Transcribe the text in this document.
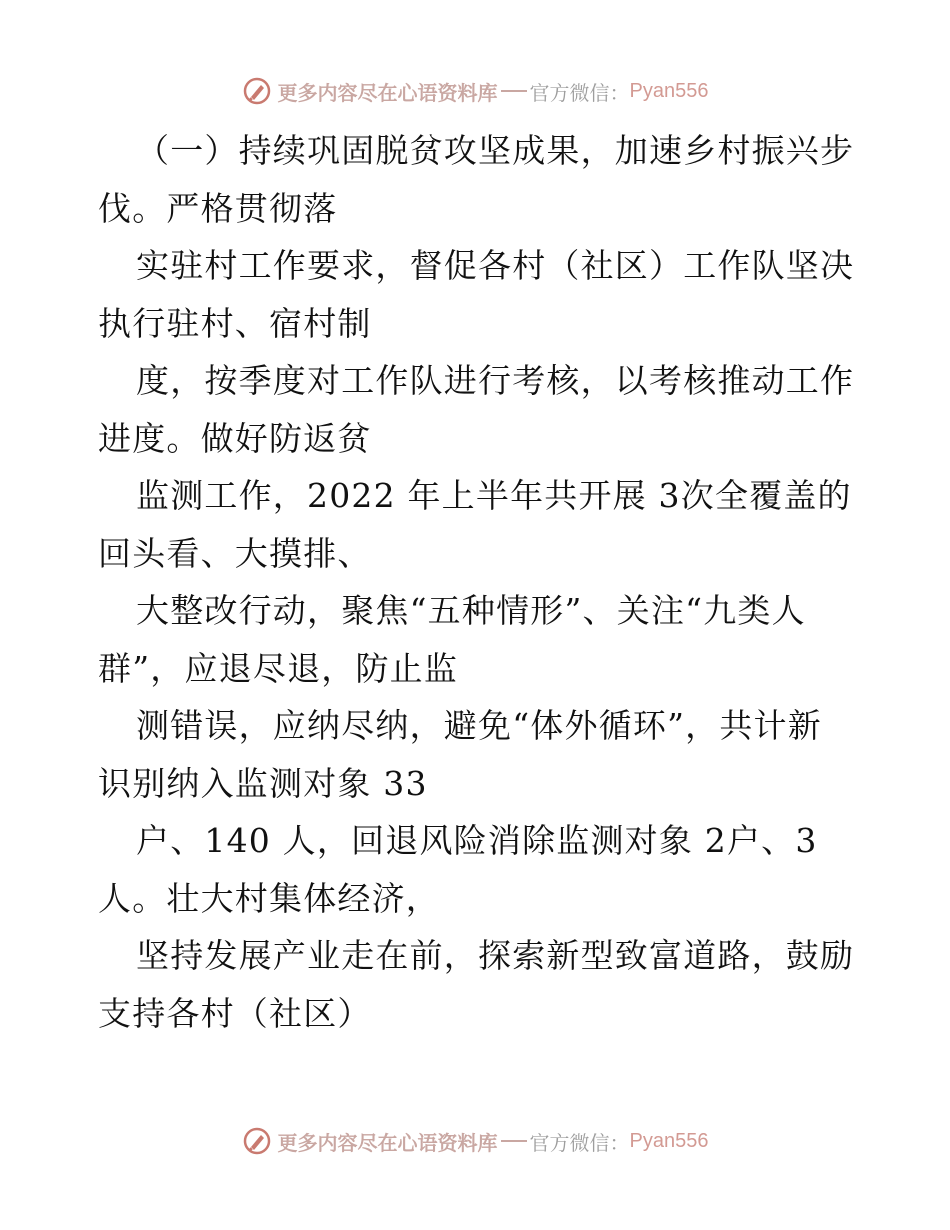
更多内容尽在心语资料库 官方微信： Pyan556
（一）持续巩固脱贫攻坚成果，加速乡村振兴步
伐。严格贯彻落
实驻村工作要求，督促各村（社区）工作队坚决
执行驻村、宿村制
度，按季度对工作队进行考核，以考核推动工作
进度。做好防返贫
监测工作，2022 年上半年共开展 3次全覆盖的
回头看、大摸排、
大整改行动，聚焦“五种情形”、关注“九类人
群”，应退尽退，防止监
测错误，应纳尽纳，避免“体外循环”，共计新
识别纳入监测对象 33
户、140 人，回退风险消除监测对象 2户、3
人。壮大村集体经济，
坚持发展产业走在前，探索新型致富道路，鼓励
支持各村（社区）
更多内容尽在心语资料库 官方微信： Pyan556
